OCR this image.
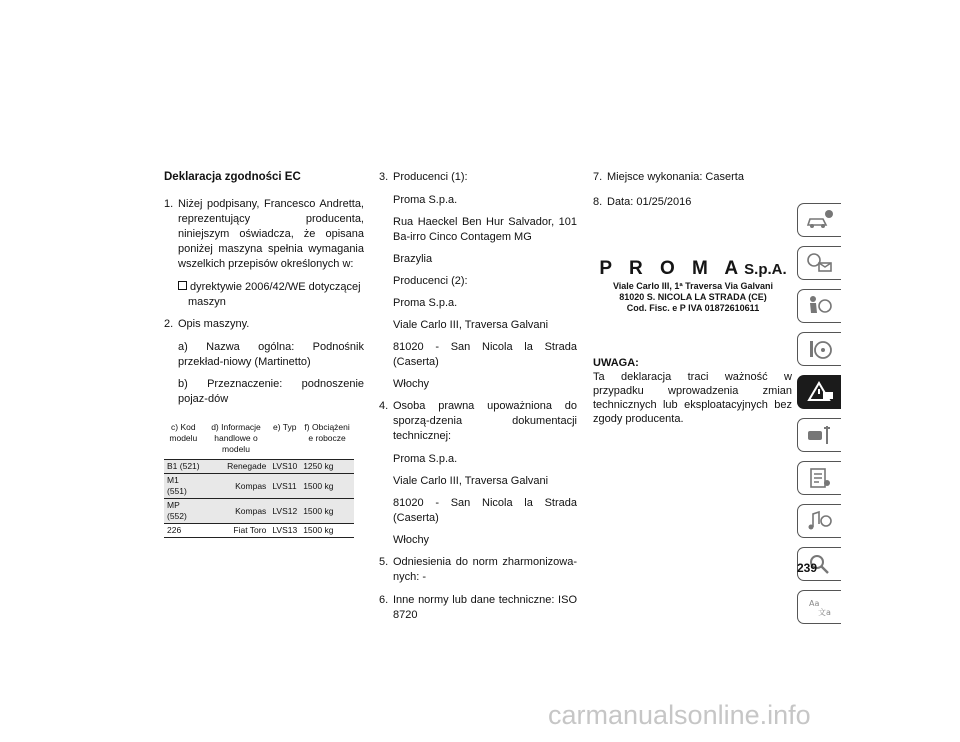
Deklaracja zgodności EC
1. Niżej podpisany, Francesco Andretta, reprezentujący producenta, niniejszym oświadcza, że opisana poniżej maszyna spełnia wymagania wszelkich przepisów określonych w:
dyrektywie 2006/42/WE dotyczącej
maszyn
2. Opis maszyny.
a) Nazwa ogólna: Podnośnik przekład-niowy (Martinetto)
b) Przeznaczenie: podnoszenie pojaz-dów
c) Kod modelu	d) Informacje handlowe o modelu	e) Typ	f) Obciążeni e robocze
B1 (521)	Renegade	LVS10	1250 kg
M1 (551)	Kompas	LVS11	1500 kg
MP (552)	Kompas	LVS12	1500 kg
226	Fiat Toro	LVS13	1500 kg
3. Producenci (1):
Proma S.p.a.
Rua Haeckel Ben Hur Salvador, 101 Ba-irro Cinco Contagem MG
Brazylia
Producenci (2):
Proma S.p.a.
Viale Carlo III, Traversa Galvani
81020 - San Nicola la Strada (Caserta)
Włochy
4. Osoba prawna upoważniona do sporzą-dzenia dokumentacji technicznej:
Proma S.p.a.
Viale Carlo III, Traversa Galvani
81020 - San Nicola la Strada (Caserta)
Włochy
5. Odniesienia do norm zharmonizowa-nych: -
6. Inne normy lub dane techniczne: ISO 8720
7. Miejsce wykonania: Caserta
8. Data: 01/25/2016
P R O M AS.p.A.
Viale Carlo III, 1ª Traversa Via Galvani
81020 S. NICOLA LA STRADA (CE)
Cod. Fisc. e P IVA 01872610611
UWAGA:
Ta deklaracja traci ważność w przypadku wprowadzenia zmian technicznych lub eksploatacyjnych bez zgody producenta.
Aa
文a
239
carmanualsonline.info
